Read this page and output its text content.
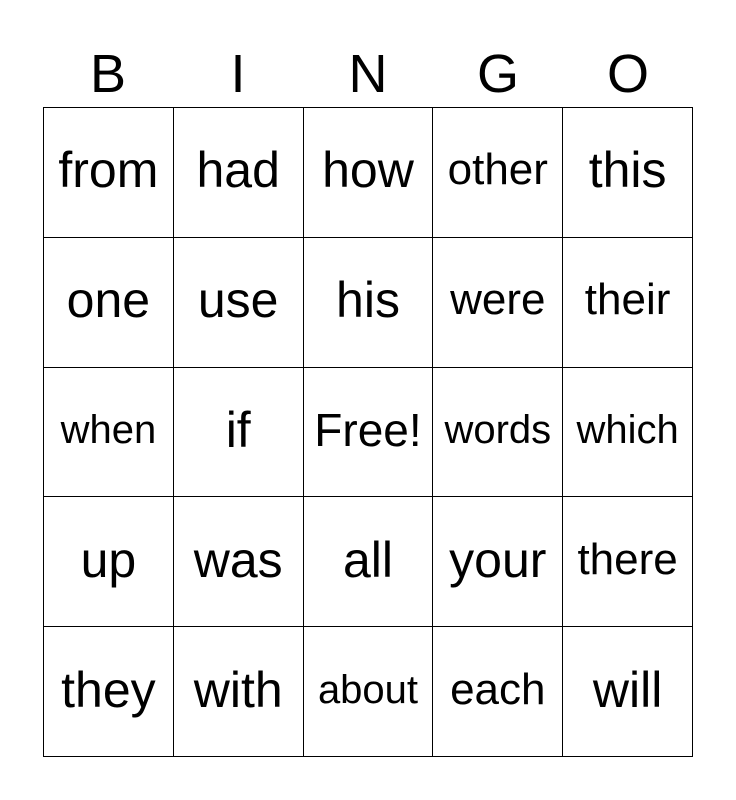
B	I	N	G	O
from had how other this
one use	his	were their
when	if	Free! words which
up	was	all	your there
they with about each will
